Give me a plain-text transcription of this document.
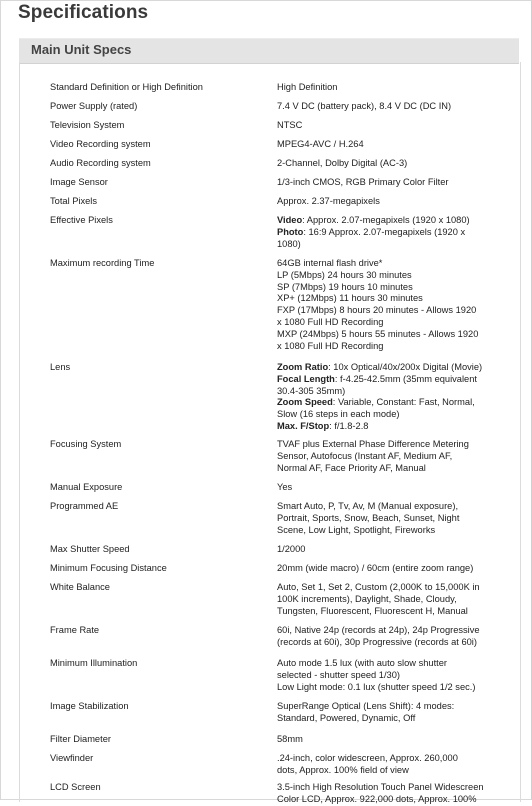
Specifications
Main Unit Specs
Standard Definition or High Definition	High Definition
Power Supply (rated)	7.4 V DC (battery pack), 8.4 V DC (DC IN)
Television System	NTSC
Video Recording system	MPEG4-AVC / H.264
Audio Recording system	2-Channel, Dolby Digital (AC-3)
Image Sensor	1/3-inch CMOS, RGB Primary Color Filter
Total Pixels	Approx. 2.37-megapixels
Effective Pixels	Video: Approx. 2.07-megapixels (1920 x 1080)
Photo: 16:9 Approx. 2.07-megapixels (1920 x
1080)
Maximum recording Time	64GB internal flash drive*
LP (5Mbps) 24 hours 30 minutes
SP (7Mbps) 19 hours 10 minutes
XP+ (12Mbps) 11 hours 30 minutes
FXP (17Mbps) 8 hours 20 minutes - Allows 1920
x 1080 Full HD Recording
MXP (24Mbps) 5 hours 55 minutes - Allows 1920
x 1080 Full HD Recording
Lens	Zoom Ratio: 10x Optical/40x/200x Digital (Movie)
Focal Length: f-4.25-42.5mm (35mm equivalent
30.4-305 35mm)
Zoom Speed: Variable, Constant: Fast, Normal,
Slow (16 steps in each mode)
Max. F/Stop: f/1.8-2.8
Focusing System	TVAF plus External Phase Difference Metering
Sensor, Autofocus (Instant AF, Medium AF,
Normal AF, Face Priority AF, Manual
Manual Exposure	Yes
Programmed AE	Smart Auto, P, Tv, Av, M (Manual exposure),
Portrait, Sports, Snow, Beach, Sunset, Night
Scene, Low Light, Spotlight, Fireworks
Max Shutter Speed	1/2000
Minimum Focusing Distance	20mm (wide macro) / 60cm (entire zoom range)
White Balance	Auto, Set 1, Set 2, Custom (2,000K to 15,000K in
100K increments), Daylight, Shade, Cloudy,
Tungsten, Fluorescent, Fluorescent H, Manual
Frame Rate	60i, Native 24p (records at 24p), 24p Progressive
(records at 60i), 30p Progressive (records at 60i)
Minimum Illumination	Auto mode 1.5 lux (with auto slow shutter
selected - shutter speed 1/30)
Low Light mode: 0.1 lux (shutter speed 1/2 sec.)
Image Stabilization	SuperRange Optical (Lens Shift): 4 modes:
Standard, Powered, Dynamic, Off
Filter Diameter	58mm
Viewfinder	.24-inch, color widescreen, Approx. 260,000
dots, Approx. 100% field of view
LCD Screen	3.5-inch High Resolution Touch Panel Widescreen
Color LCD, Approx. 922,000 dots, Approx. 100%
